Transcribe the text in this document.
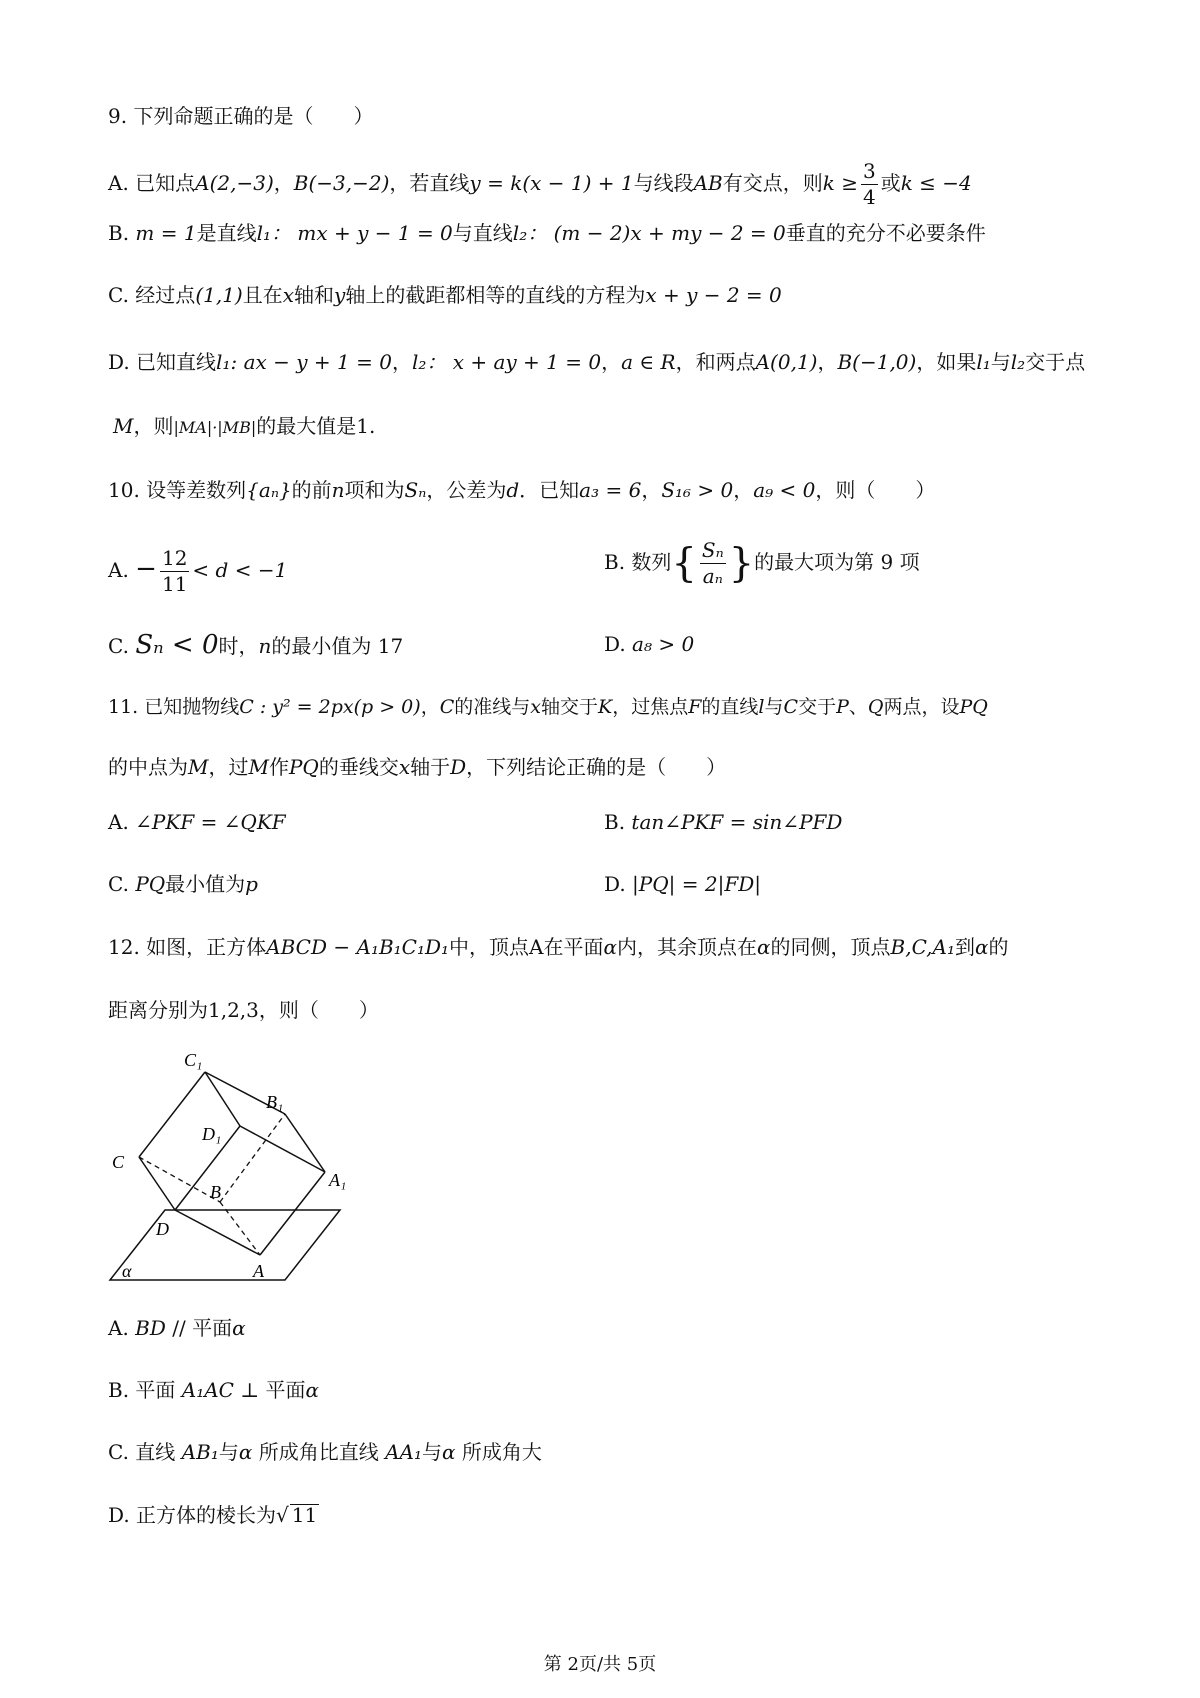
9. 下列命题正确的是（　　）
A. 已知点A(2,−3)，B(−3,−2)，若直线y = k(x − 1) + 1与线段AB有交点，则$k \ge \frac{3}{4}$ 或k ≤ −4
B. m = 1是直线l₁： mx + y − 1 = 0与直线l₂： (m − 2)x + my − 2 = 0垂直的充分不必要条件
C. 经过点(1,1)且在x轴和y轴上的截距都相等的直线的方程为x + y − 2 = 0
D. 已知直线l₁: ax − y + 1 = 0，l₂： x + ay + 1 = 0，a ∈ R，和两点A(0,1)，B(−1,0)，如果l₁与l₂交于点
M，则|MA|·|MB|的最大值是1.
10. 设等差数列{aₙ}的前n项和为Sₙ，公差为d．已知a₃ = 6，S₁₆ > 0，a₉ < 0，则（　　）
A. − $\frac{12}{11} < d < -1$	B. 数列{ $\frac{\text{Sₙ}}{\text{aₙ}}$ }的最大项为第 9 项
C. Sₙ < 0时，n的最小值为 17	D. a₈ > 0
11. 已知抛物线C : y² = 2px(p > 0)，C的准线与x轴交于K，过焦点F的直线l与C交于P、Q两点，设PQ
的中点为M，过M作PQ的垂线交x轴于D，下列结论正确的是（　　）
A. ∠PKF = ∠QKF	B. tan∠PKF = sin∠PFD
C. PQ最小值为p	D. |PQ| = 2|FD|
12. 如图，正方体ABCD − A₁B₁C₁D₁中，顶点A在平面α内，其余顶点在α的同侧，顶点B,C,A₁到α的
距离分别为1,2,3，则（　　）
C₁
B₁
D₁
C
A₁
B
D
A
α
A. BD // 平面α
B. 平面 A₁AC ⊥ 平面α
C. 直线 AB₁与α 所成角比直线 AA₁与α 所成角大
D. 正方体的棱长为√ 11
第 2页/共 5页
